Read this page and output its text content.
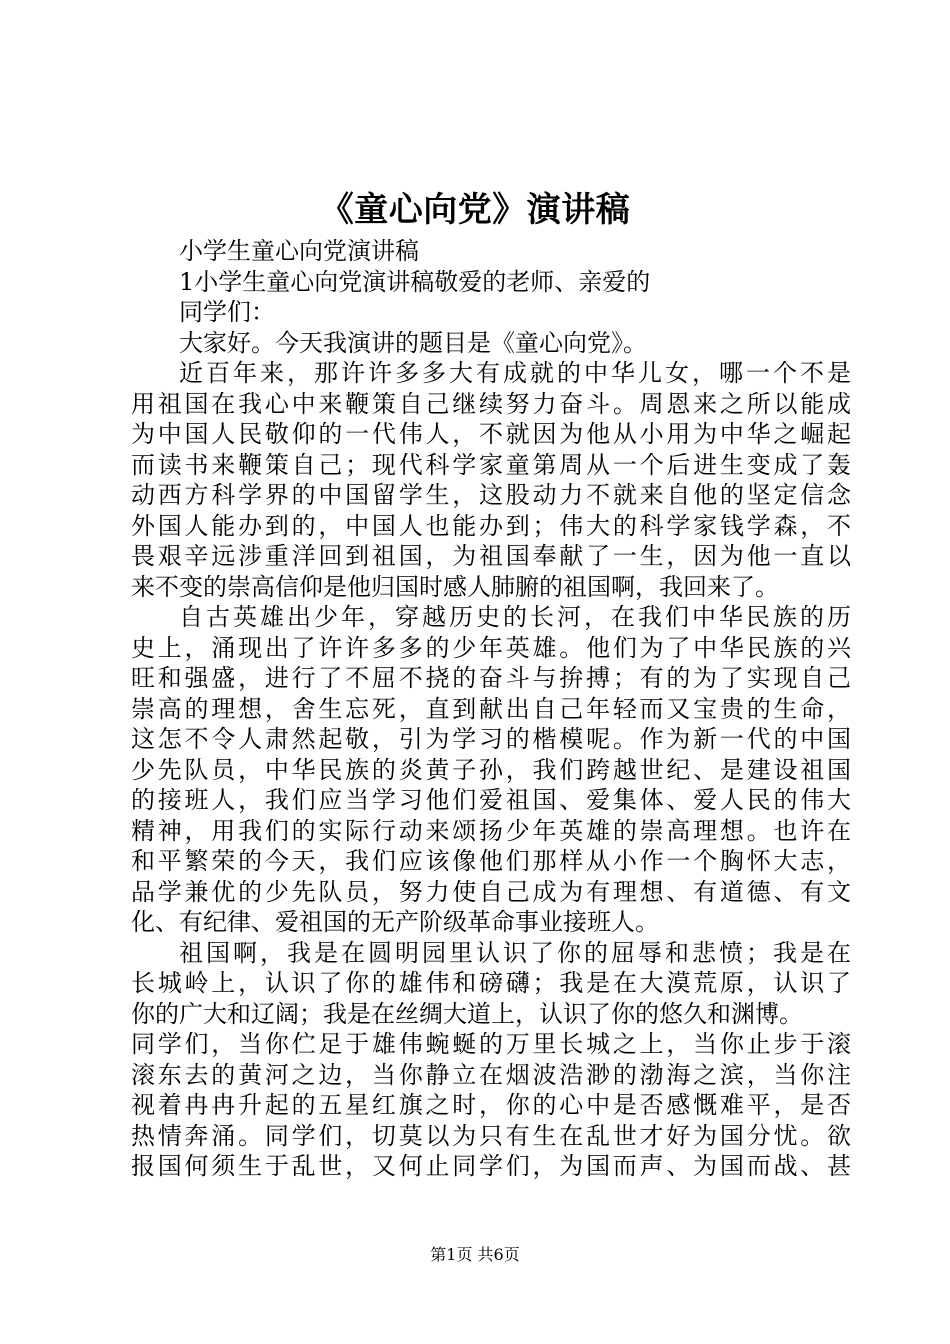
《童心向党》演讲稿
小学生童心向党演讲稿
1小学生童心向党演讲稿敬爱的老师、亲爱的
同学们：
大家好。今天我演讲的题目是《童心向党》。
近百年来，那许许多多大有成就的中华儿女，哪一个不是
用祖国在我心中来鞭策自己继续努力奋斗。周恩来之所以能成
为中国人民敬仰的一代伟人，不就因为他从小用为中华之崛起
而读书来鞭策自己；现代科学家童第周从一个后进生变成了轰
动西方科学界的中国留学生，这股动力不就来自他的坚定信念
外国人能办到的，中国人也能办到；伟大的科学家钱学森，不
畏艰辛远涉重洋回到祖国，为祖国奉献了一生，因为他一直以
来不变的崇高信仰是他归国时感人肺腑的祖国啊，我回来了。
自古英雄出少年，穿越历史的长河，在我们中华民族的历
史上，涌现出了许许多多的少年英雄。他们为了中华民族的兴
旺和强盛，进行了不屈不挠的奋斗与拚搏；有的为了实现自己
崇高的理想，舍生忘死，直到献出自己年轻而又宝贵的生命，
这怎不令人肃然起敬，引为学习的楷模呢。作为新一代的中国
少先队员，中华民族的炎黄子孙，我们跨越世纪、是建设祖国
的接班人，我们应当学习他们爱祖国、爱集体、爱人民的伟大
精神，用我们的实际行动来颂扬少年英雄的崇高理想。也许在
和平繁荣的今天，我们应该像他们那样从小作一个胸怀大志，
品学兼优的少先队员，努力使自己成为有理想、有道德、有文
化、有纪律、爱祖国的无产阶级革命事业接班人。
祖国啊，我是在圆明园里认识了你的屈辱和悲愤；我是在
长城岭上，认识了你的雄伟和磅礴；我是在大漠荒原，认识了
你的广大和辽阔；我是在丝绸大道上，认识了你的悠久和渊博。
同学们，当你伫足于雄伟蜿蜒的万里长城之上，当你止步于滚
滚东去的黄河之边，当你静立在烟波浩渺的渤海之滨，当你注
视着冉冉升起的五星红旗之时，你的心中是否感慨难平，是否
热情奔涌。同学们，切莫以为只有生在乱世才好为国分忧。欲
报国何须生于乱世，又何止同学们，为国而声、为国而战、甚
第1页 共6页
